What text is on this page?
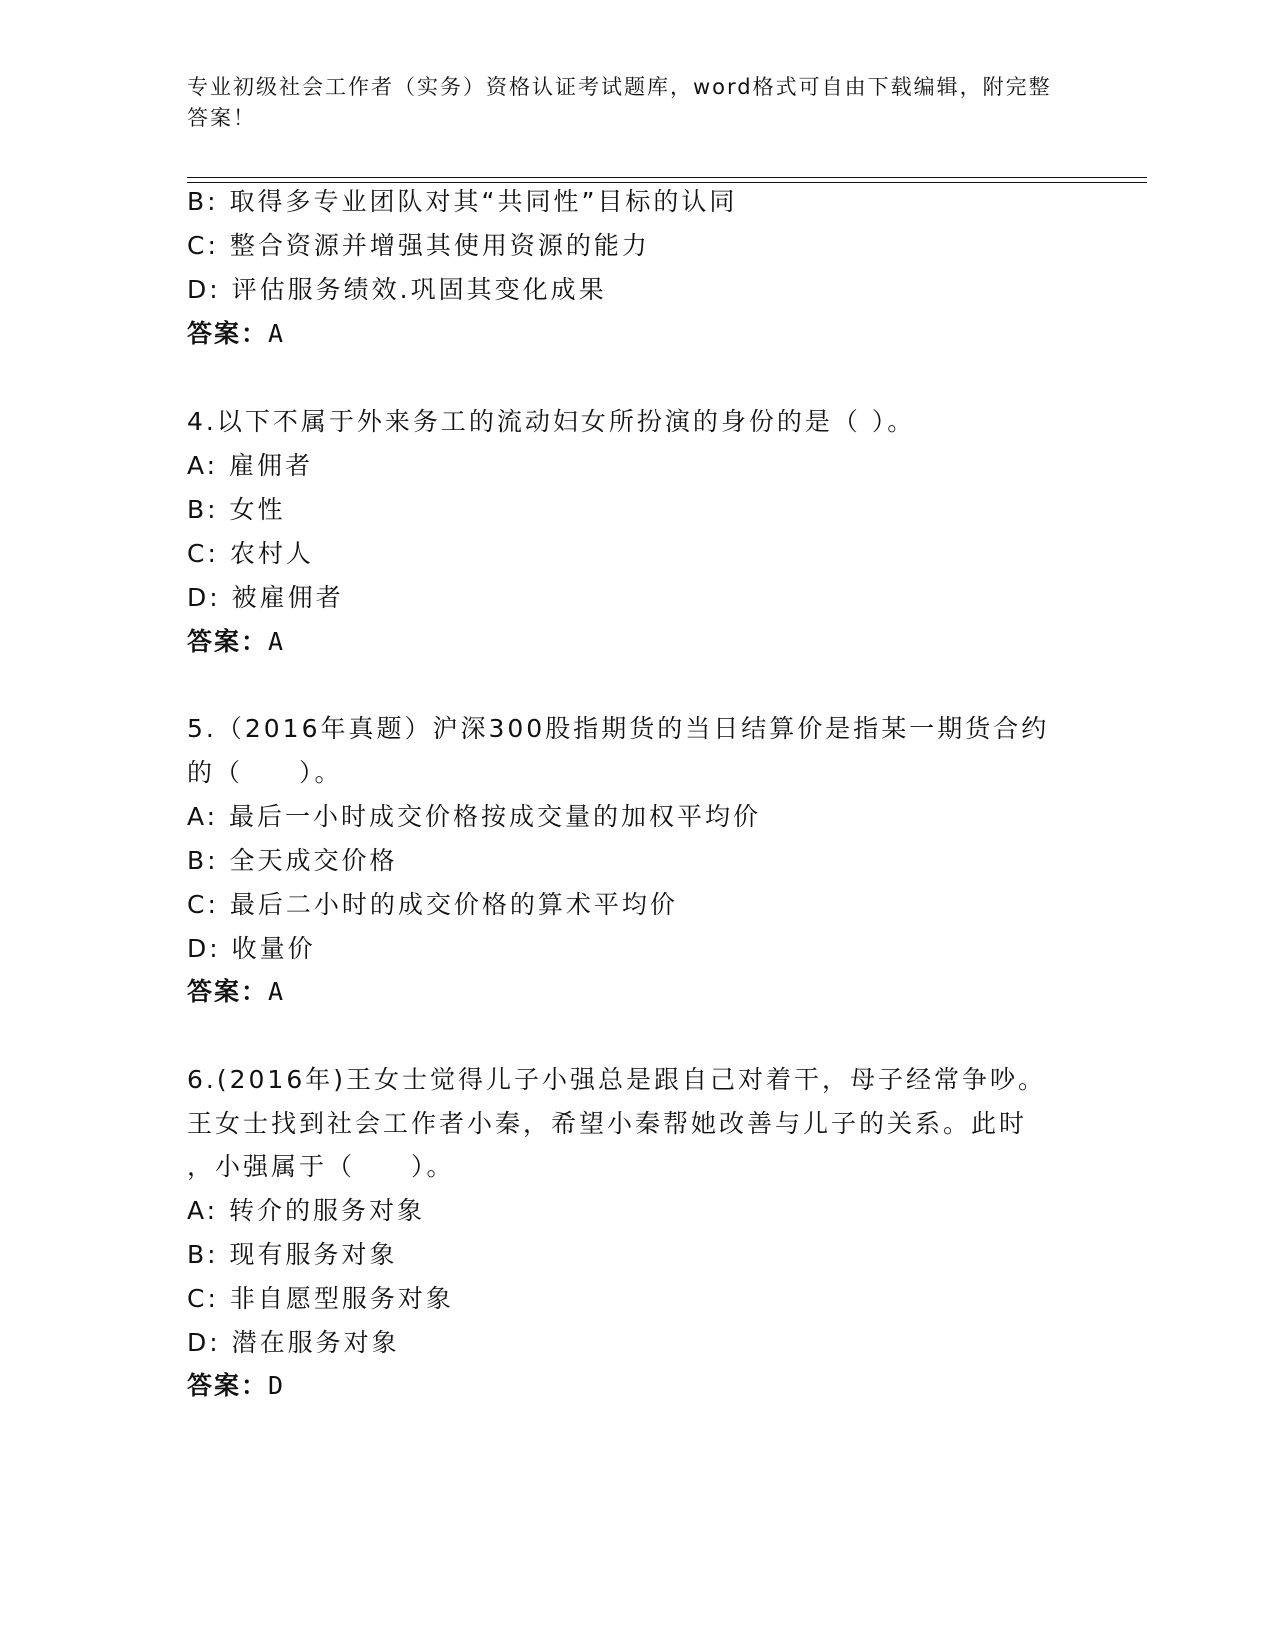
专业初级社会工作者（实务）资格认证考试题库，word格式可自由下载编辑，附完整答案！
B: 取得多专业团队对其“共同性”目标的认同
C: 整合资源并增强其使用资源的能力
D: 评估服务绩效.巩固其变化成果
答案：A
4.以下不属于外来务工的流动妇女所扮演的身份的是（ ）。
A: 雇佣者
B: 女性
C: 农村人
D: 被雇佣者
答案：A
5.（2016年真题）沪深300股指期货的当日结算价是指某一期货合约
的（　　）。
A: 最后一小时成交价格按成交量的加权平均价
B: 全天成交价格
C: 最后二小时的成交价格的算术平均价
D: 收量价
答案：A
6.(2016年)王女士觉得儿子小强总是跟自己对着干，母子经常争吵。
王女士找到社会工作者小秦，希望小秦帮她改善与儿子的关系。此时
，小强属于（　　）。
A: 转介的服务对象
B: 现有服务对象
C: 非自愿型服务对象
D: 潜在服务对象
答案：D
